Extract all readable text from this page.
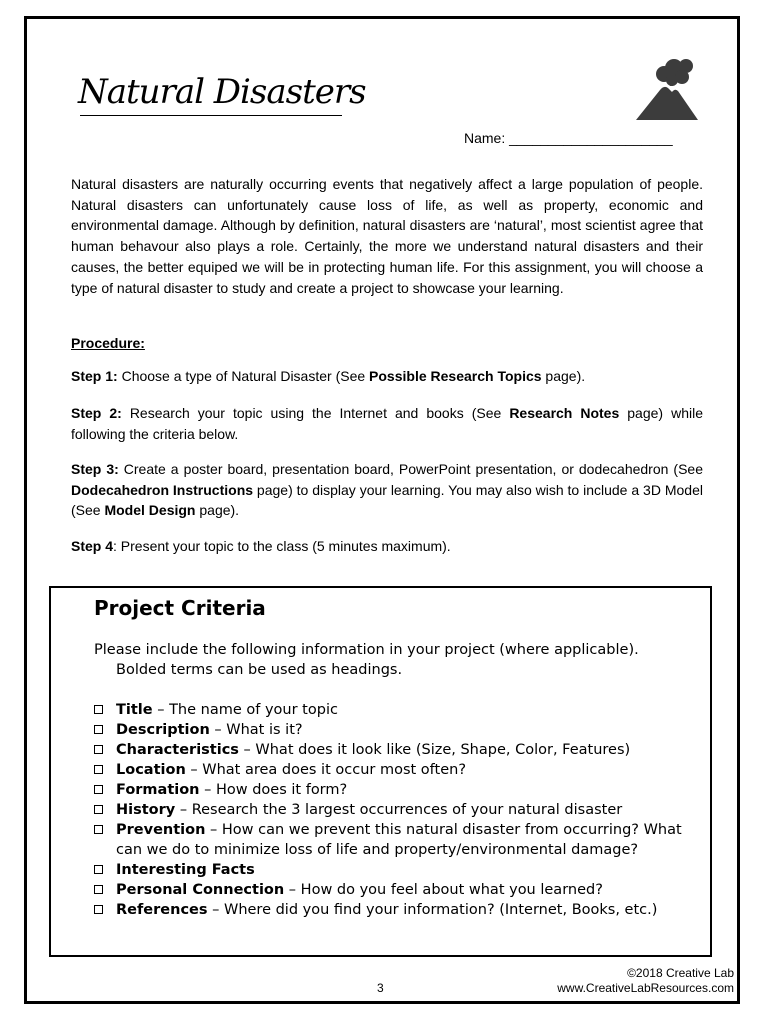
Natural Disasters
Name: _____________________

Natural disasters are naturally occurring events that negatively affect a large population of people. Natural disasters can unfortunately cause loss of life, as well as property, economic and environmental damage. Although by definition, natural disasters are ‘natural’, most scientist agree that human behavour also plays a role. Certainly, the more we understand natural disasters and their causes, the better equiped we will be in protecting human life. For this assignment, you will choose a type of natural disaster to study and create a project to showcase your learning.

Procedure:

Step 1: Choose a type of Natural Disaster (See Possible Research Topics page).

Step 2: Research your topic using the Internet and books (See Research Notes page) while following the criteria below.

Step 3: Create a poster board, presentation board, PowerPoint presentation, or dodecahedron (See Dodecahedron Instructions page) to display your learning. You may also wish to include a 3D Model (See Model Design page).

Step 4: Present your topic to the class (5 minutes maximum).

Project Criteria
Please include the following information in your project (where applicable).
Bolded terms can be used as headings.
Title – The name of your topic
Description – What is it?
Characteristics – What does it look like (Size, Shape, Color, Features)
Location – What area does it occur most often?
Formation – How does it form?
History – Research the 3 largest occurrences of your natural disaster
Prevention – How can we prevent this natural disaster from occurring? What can we do to minimize loss of life and property/environmental damage?
Interesting Facts
Personal Connection – How do you feel about what you learned?
References – Where did you find your information? (Internet, Books, etc.)
3
©2018 Creative Lab
www.CreativeLabResources.com
